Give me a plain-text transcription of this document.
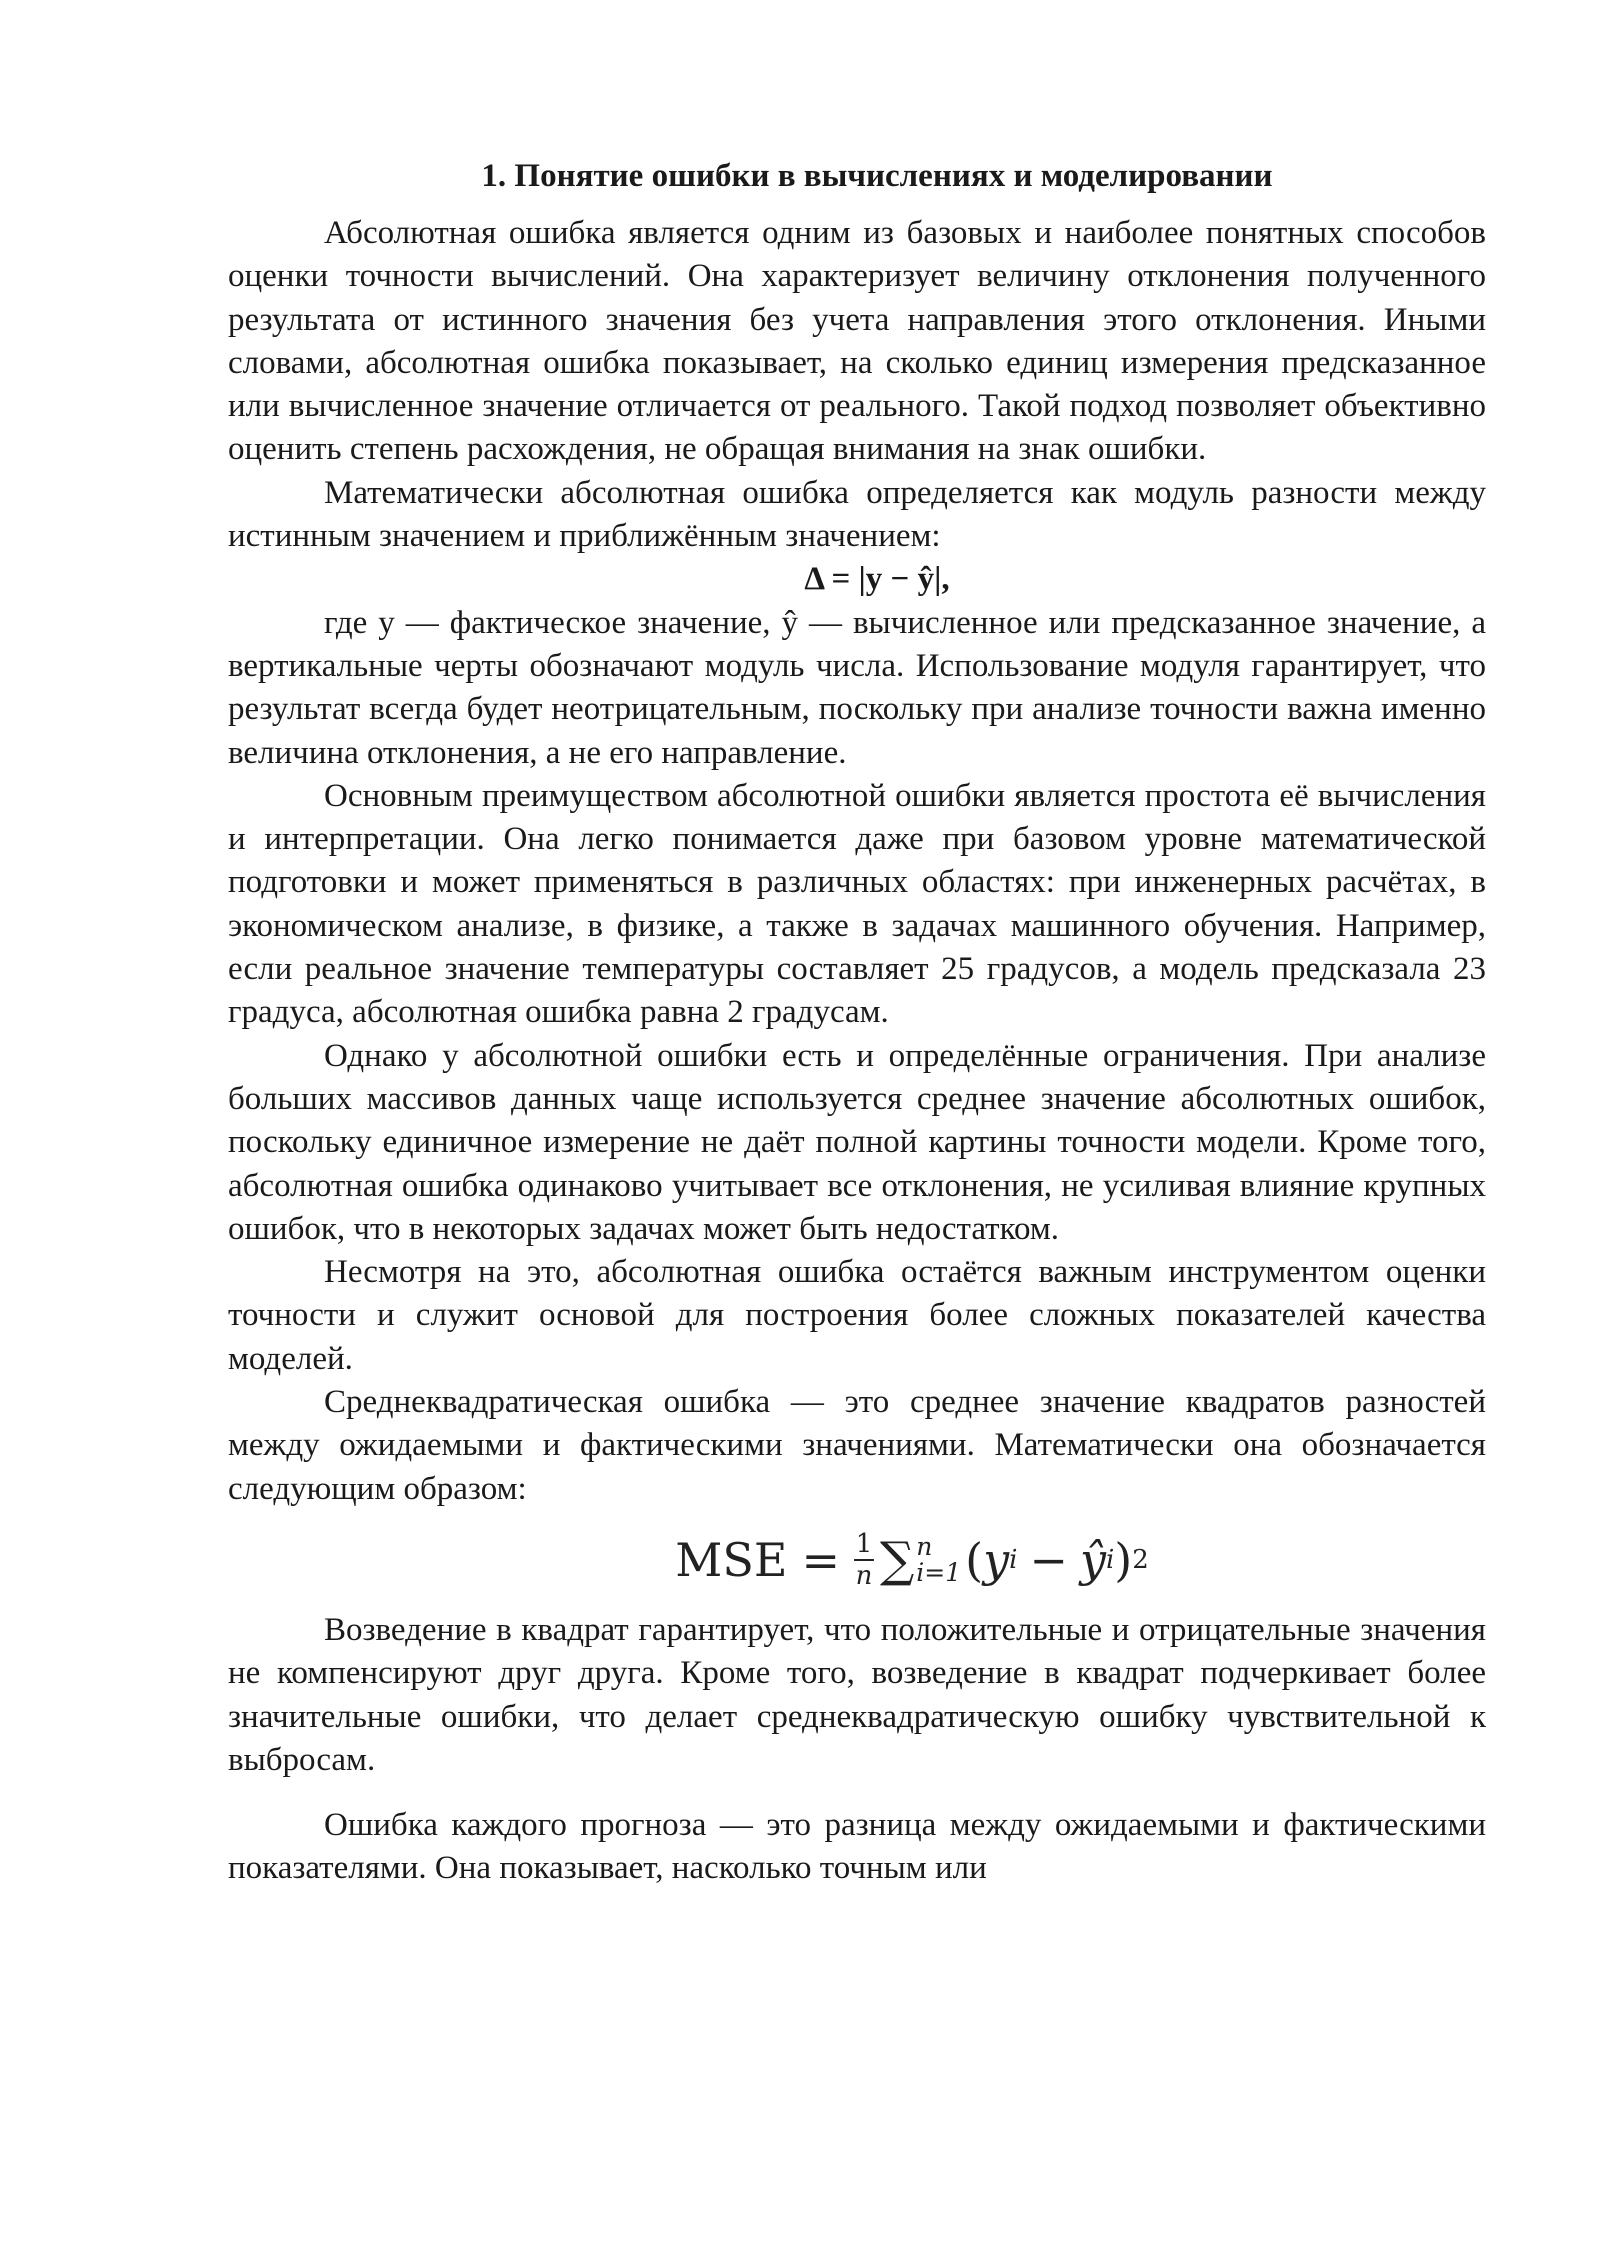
1. Понятие ошибки в вычислениях и моделировании

Абсолютная ошибка является одним из базовых и наиболее понятных способов оценки точности вычислений. Она характеризует величину отклонения полученного результата от истинного значения без учета направления этого отклонения. Иными словами, абсолютная ошибка показывает, на сколько единиц измерения предсказанное или вычисленное значение отличается от реального. Такой подход позволяет объективно оценить степень расхождения, не обращая внимания на знак ошибки.

Математически абсолютная ошибка определяется как модуль разности между истинным значением и приближённым значением:

Δ = |y − ŷ|,

где y — фактическое значение, ŷ — вычисленное или предсказанное значение, а вертикальные черты обозначают модуль числа. Использование модуля гарантирует, что результат всегда будет неотрицательным, поскольку при анализе точности важна именно величина отклонения, а не его направление.

Основным преимуществом абсолютной ошибки является простота её вычисления и интерпретации. Она легко понимается даже при базовом уровне математической подготовки и может применяться в различных областях: при инженерных расчётах, в экономическом анализе, в физике, а также в задачах машинного обучения. Например, если реальное значение температуры составляет 25 градусов, а модель предсказала 23 градуса, абсолютная ошибка равна 2 градусам.

Однако у абсолютной ошибки есть и определённые ограничения. При анализе больших массивов данных чаще используется среднее значение абсолютных ошибок, поскольку единичное измерение не даёт полной картины точности модели. Кроме того, абсолютная ошибка одинаково учитывает все отклонения, не усиливая влияние крупных ошибок, что в некоторых задачах может быть недостатком.

Несмотря на это, абсолютная ошибка остаётся важным инструментом оценки точности и служит основой для построения более сложных показателей качества моделей.

Среднеквадратическая ошибка — это среднее значение квадратов разностей между ожидаемыми и фактическими значениями. Математически она обозначается следующим образом:

MSE = $\frac{1}{n}$ ∑ n
i=1 ( y i − ŷ i ) 2

Возведение в квадрат гарантирует, что положительные и отрицательные значения не компенсируют друг друга. Кроме того, возведение в квадрат подчеркивает более значительные ошибки, что делает среднеквадратическую ошибку чувствительной к выбросам.

Ошибка каждого прогноза — это разница между ожидаемыми и фактическими показателями. Она показывает, насколько точным или
